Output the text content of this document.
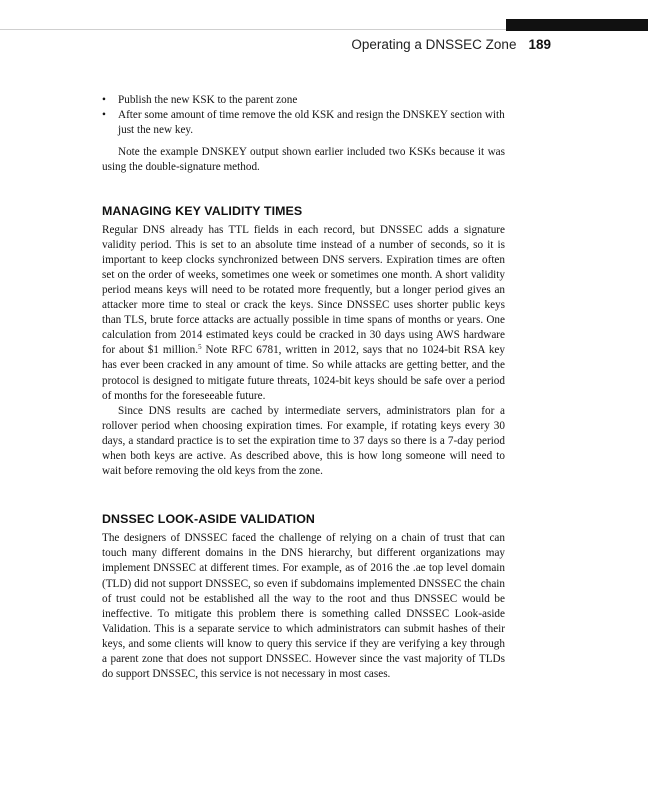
Operating a DNSSEC Zone 189
• Publish the new KSK to the parent zone
• After some amount of time remove the old KSK and resign the DNSKEY section with just the new key.

Note the example DNSKEY output shown earlier included two KSKs because it was using the double-signature method.

MANAGING KEY VALIDITY TIMES

Regular DNS already has TTL fields in each record, but DNSSEC adds a signature validity period. This is set to an absolute time instead of a number of seconds, so it is important to keep clocks synchronized between DNS servers. Expiration times are often set on the order of weeks, sometimes one week or sometimes one month. A short validity period means keys will need to be rotated more frequently, but a longer period gives an attacker more time to steal or crack the keys. Since DNSSEC uses shorter public keys than TLS, brute force attacks are actually possible in time spans of months or years. One calculation from 2014 estimated keys could be cracked in 30 days using AWS hardware for about $1 million.$^5$ Note RFC 6781, written in 2012, says that no 1024-bit RSA key has ever been cracked in any amount of time. So while attacks are getting better, and the protocol is designed to mitigate future threats, 1024-bit keys should be safe over a period of months for the foreseeable future.

Since DNS results are cached by intermediate servers, administrators plan for a rollover period when choosing expiration times. For example, if rotating keys every 30 days, a standard practice is to set the expiration time to 37 days so there is a 7-day period when both keys are active. As described above, this is how long someone will need to wait before removing the old keys from the zone.

DNSSEC LOOK-ASIDE VALIDATION

The designers of DNSSEC faced the challenge of relying on a chain of trust that can touch many different domains in the DNS hierarchy, but different organizations may implement DNSSEC at different times. For example, as of 2016 the .ae top level domain (TLD) did not support DNSSEC, so even if subdomains implemented DNSSEC the chain of trust could not be established all the way to the root and thus DNSSEC would be ineffective. To mitigate this problem there is something called DNSSEC Look-aside Validation. This is a separate service to which administrators can submit hashes of their keys, and some clients will know to query this service if they are verifying a key through a parent zone that does not support DNSSEC. However since the vast majority of TLDs do support DNSSEC, this service is not necessary in most cases.
